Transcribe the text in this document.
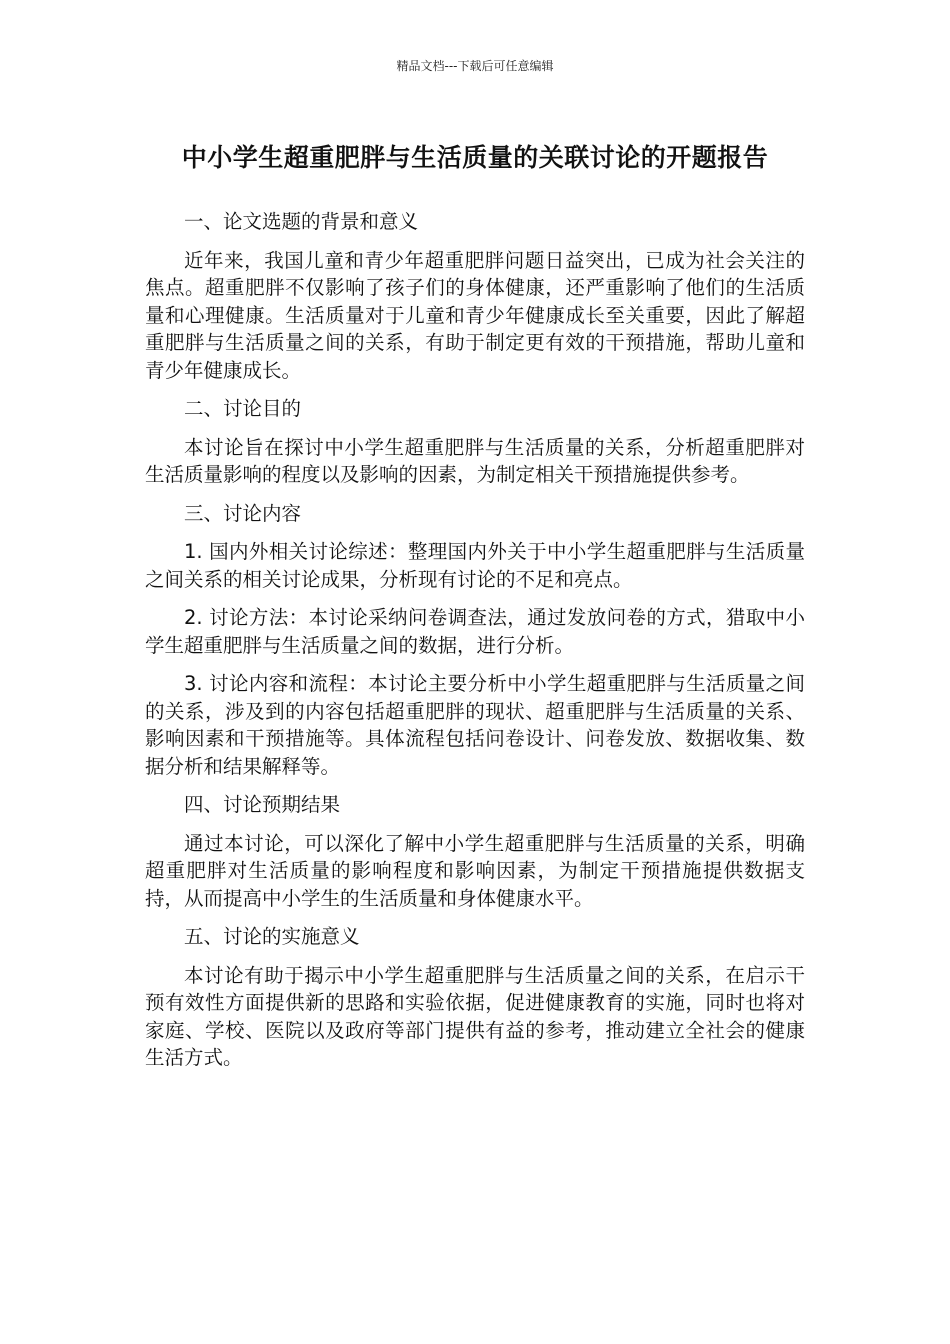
精品文档---下载后可任意编辑
中小学生超重肥胖与生活质量的关联讨论的开题报告

一、论文选题的背景和意义

近年来，我国儿童和青少年超重肥胖问题日益突出，已成为社会关注的焦点。超重肥胖不仅影响了孩子们的身体健康，还严重影响了他们的生活质量和心理健康。生活质量对于儿童和青少年健康成长至关重要，因此了解超重肥胖与生活质量之间的关系，有助于制定更有效的干预措施，帮助儿童和青少年健康成长。

二、讨论目的

本讨论旨在探讨中小学生超重肥胖与生活质量的关系，分析超重肥胖对生活质量影响的程度以及影响的因素，为制定相关干预措施提供参考。

三、讨论内容

1. 国内外相关讨论综述：整理国内外关于中小学生超重肥胖与生活质量之间关系的相关讨论成果，分析现有讨论的不足和亮点。

2. 讨论方法：本讨论采纳问卷调查法，通过发放问卷的方式，猎取中小学生超重肥胖与生活质量之间的数据，进行分析。

3. 讨论内容和流程：本讨论主要分析中小学生超重肥胖与生活质量之间的关系，涉及到的内容包括超重肥胖的现状、超重肥胖与生活质量的关系、影响因素和干预措施等。具体流程包括问卷设计、问卷发放、数据收集、数据分析和结果解释等。

四、讨论预期结果

通过本讨论，可以深化了解中小学生超重肥胖与生活质量的关系，明确超重肥胖对生活质量的影响程度和影响因素，为制定干预措施提供数据支持，从而提高中小学生的生活质量和身体健康水平。

五、讨论的实施意义

本讨论有助于揭示中小学生超重肥胖与生活质量之间的关系，在启示干预有效性方面提供新的思路和实验依据，促进健康教育的实施，同时也将对家庭、学校、医院以及政府等部门提供有益的参考，推动建立全社会的健康生活方式。
